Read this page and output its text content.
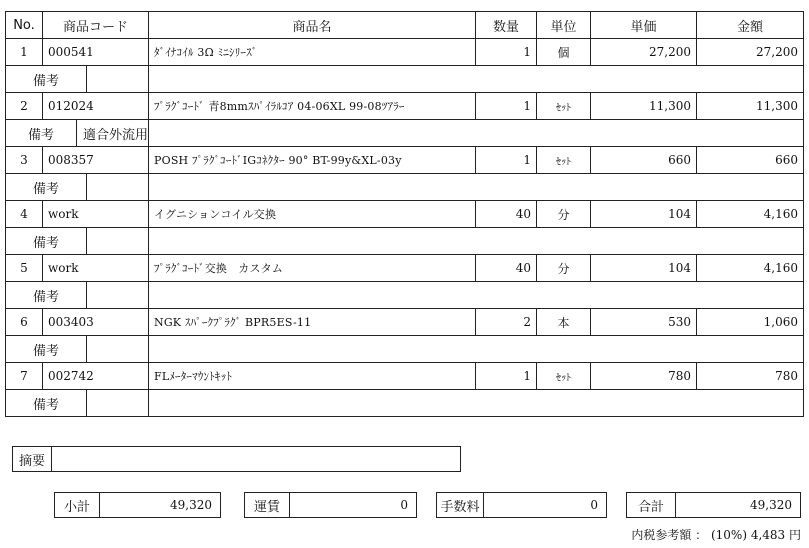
No.	商品コード	商品名	数量	単位	単価	金額
1	000541	ﾀﾞｲﾅｺｲﾙ 3Ω ﾐﾆｼﾘｰｽﾞ	1	個	27,200	27,200

備考						

2	012024	ﾌﾟﾗｸﾞｺｰﾄﾞ 青8mmｽﾊﾟｲﾗﾙｺｱ 04-06XL 99-08ﾂｱﾗｰ	1	ｾｯﾄ	11,300	11,300

備考 適合外流用						

3	008357	POSH ﾌﾟﾗｸﾞｺｰﾄﾞIGｺﾈｸﾀｰ 90° BT-99y&XL-03y	1	ｾｯﾄ	660	660

備考						

4	work	イグニションコイル交換	40	分	104	4,160

備考						

5	work	ﾌﾟﾗｸﾞｺｰﾄﾞ交換　カスタム	40	分	104	4,160

備考						

6	003403	NGK ｽﾊﾟｰｸﾌﾟﾗｸﾞ BPR5ES-11	2	本	530	1,060

備考						

7	002742	FLﾒｰﾀｰﾏｳﾝﾄｷｯﾄ	1	ｾｯﾄ	780	780

備考						

摘要
小計	49,320	運賃	0	手数料	0	合計	49,320
内税参考額 ： (10%) 4,483 円
